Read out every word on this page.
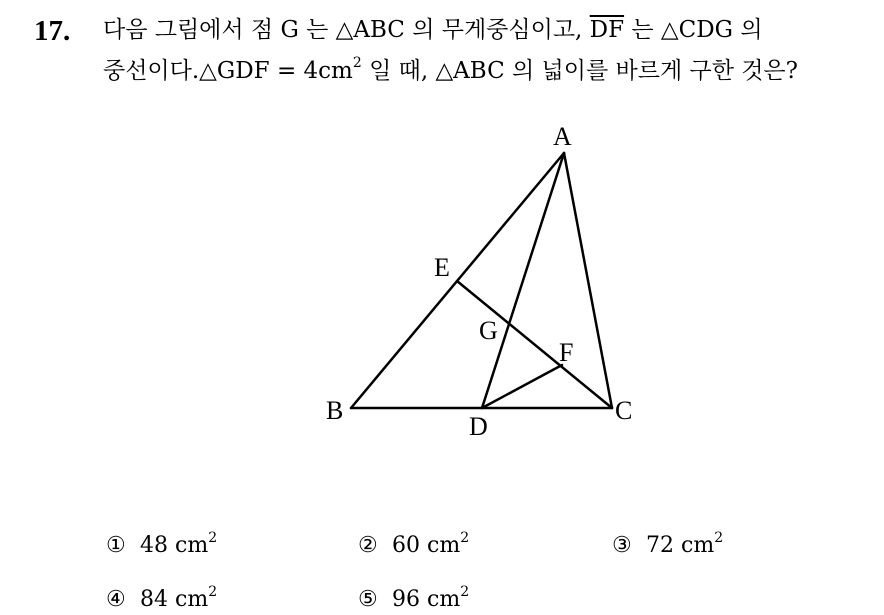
17. 다음 그림에서 점 G 는 △ABC 의 무게중심이고, $\overline{DF}$ 는 △CDG 의
중선이다.△GDF = $4cm^2$ 일 때, △ABC 의 넓이를 바르게 구한 것은?
A
B	C
D
E
F
G
① 48 $cm^2$	② 60 $cm^2$	③ 72 $cm^2$
④ 84 $cm^2$	⑤ 96 $cm^2$
